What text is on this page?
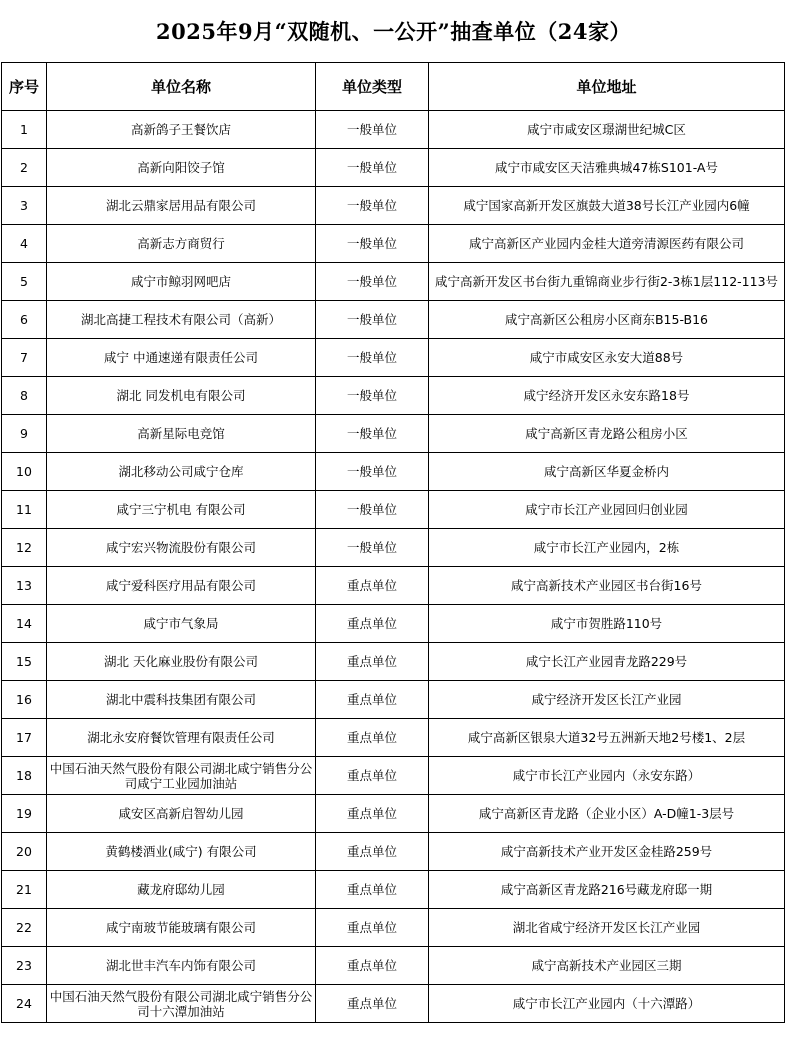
2025年9月“双随机、一公开”抽查单位（24家）
序号	单位名称	单位类型	单位地址
1	高新鸽子王餐饮店	一般单位	咸宁市咸安区璟湖世纪城C区
2	高新向阳饺子馆	一般单位	咸宁市咸安区天洁雅典城47栋S101-A号
3	湖北云鼎家居用品有限公司	一般单位	咸宁国家高新开发区旗鼓大道38号长江产业园内6幢
4	高新志方商贸行	一般单位	咸宁高新区产业园内金桂大道旁清源医药有限公司
5	咸宁市鲸羽网吧店	一般单位	咸宁高新开发区书台街九重锦商业步行街2-3栋1层112-113号
6	湖北高捷工程技术有限公司（高新）	一般单位	咸宁高新区公租房小区商东B15-B16
7	咸宁 中通速递有限责任公司	一般单位	咸宁市咸安区永安大道88号
8	湖北 同发机电有限公司	一般单位	咸宁经济开发区永安东路18号
9	高新星际电竞馆	一般单位	咸宁高新区青龙路公租房小区
10	湖北移动公司咸宁仓库	一般单位	咸宁高新区华夏金桥内
11	咸宁三宁机电 有限公司	一般单位	咸宁市长江产业园回归创业园
12	咸宁宏兴物流股份有限公司	一般单位	咸宁市长江产业园内，2栋
13	咸宁爱科医疗用品有限公司	重点单位	咸宁高新技术产业园区书台街16号
14	咸宁市气象局	重点单位	咸宁市贺胜路110号
15	湖北 天化麻业股份有限公司	重点单位	咸宁长江产业园青龙路229号
16	湖北中震科技集团有限公司	重点单位	咸宁经济开发区长江产业园
17	湖北永安府餐饮管理有限责任公司	重点单位	咸宁高新区银泉大道32号五洲新天地2号楼1、2层
18	中国石油天然气股份有限公司湖北咸宁销售分公司咸宁工业园加油站	重点单位	咸宁市长江产业园内（永安东路）
19	咸安区高新启智幼儿园	重点单位	咸宁高新区青龙路（企业小区）A-D幢1-3层号
20	黄鹤楼酒业(咸宁) 有限公司	重点单位	咸宁高新技术产业开发区金桂路259号
21	藏龙府邸幼儿园	重点单位	咸宁高新区青龙路216号藏龙府邸一期
22	咸宁南玻节能玻璃有限公司	重点单位	湖北省咸宁经济开发区长江产业园
23	湖北世丰汽车内饰有限公司	重点单位	咸宁高新技术产业园区三期
24	中国石油天然气股份有限公司湖北咸宁销售分公司十六潭加油站	重点单位	咸宁市长江产业园内（十六潭路）
